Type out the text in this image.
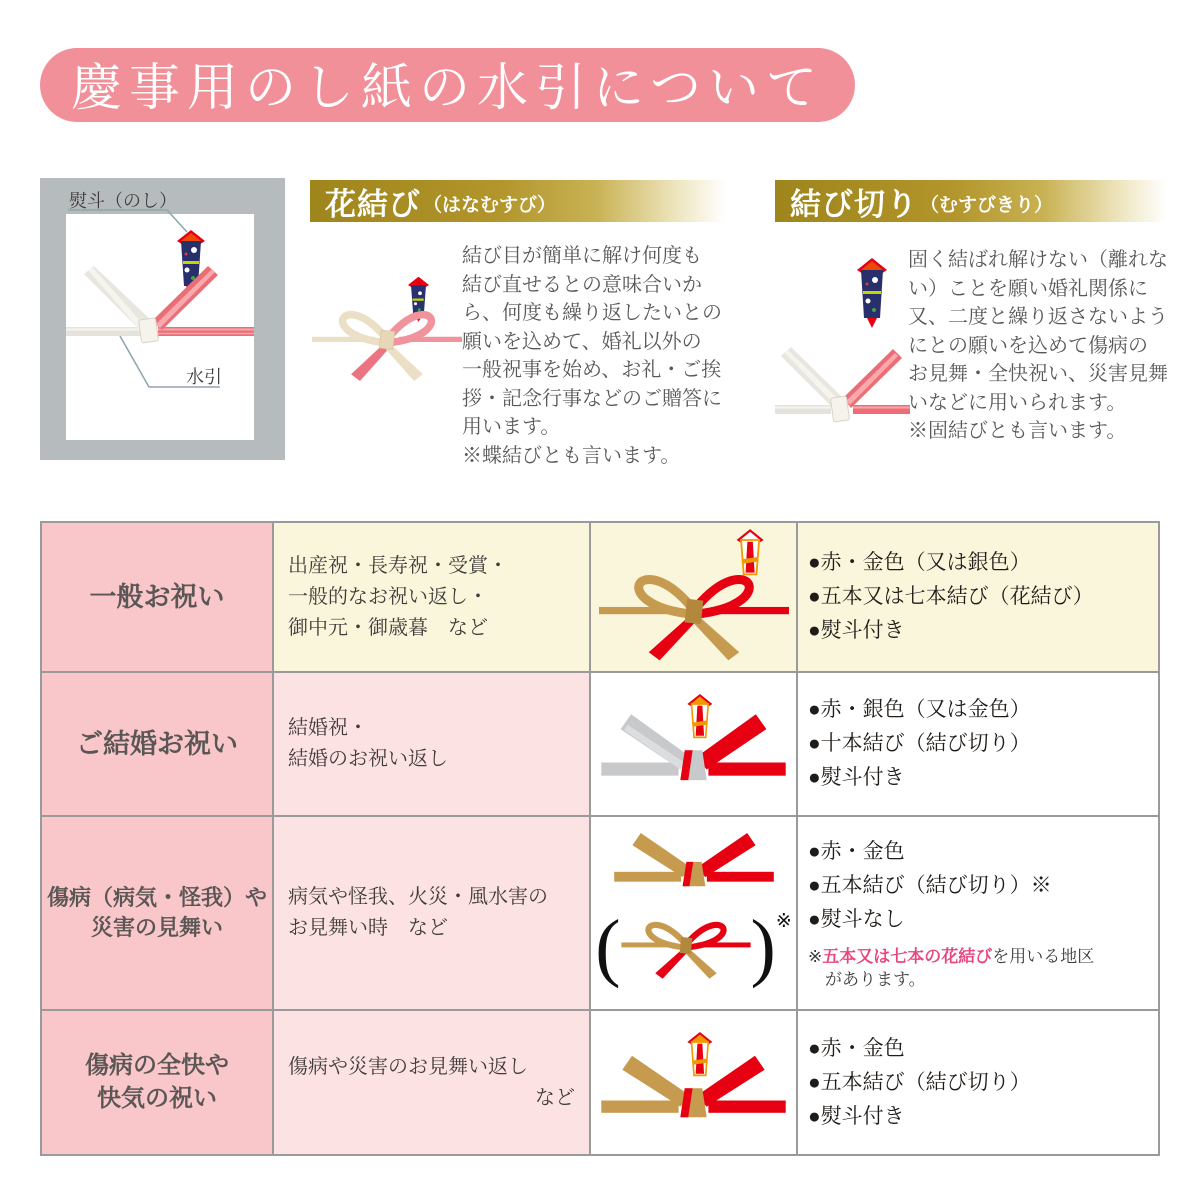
慶事用のし紙の水引について
熨斗（のし）
水引
花結び （はなむすび）
結び目が簡単に解け何度も
結び直せるとの意味合いか
ら、何度も繰り返したいとの
願いを込めて、婚礼以外の
一般祝事を始め、お礼・ご挨
拶・記念行事などのご贈答に
用います。
※蝶結びとも言います。
結び切り （むすびきり）
固く結ばれ解けない（離れな
い）ことを願い婚礼関係に
又、二度と繰り返さないよう
にとの願いを込めて傷病の
お見舞・全快祝い、災害見舞
いなどに用いられます。
※固結びとも言います。
一般お祝い
出産祝・長寿祝・受賞・
一般的なお祝い返し・
御中元・御歳暮　など
●赤・金色（又は銀色）
●五本又は七本結び（花結び）
●熨斗付き
ご結婚お祝い
結婚祝・
結婚のお祝い返し
●赤・銀色（又は金色）
●十本結び（結び切り）
●熨斗付き
傷病（病気・怪我）や
災害の見舞い
病気や怪我、火災・風水害の
お見舞い時　など	( ) ※
●赤・金色
●五本結び（結び切り）※
●熨斗なし
※五本又は七本の花結びを用いる地区
があります。
傷病の全快や
快気の祝い
傷病や災害のお見舞い返し
など
●赤・金色
●五本結び（結び切り）
●熨斗付き
